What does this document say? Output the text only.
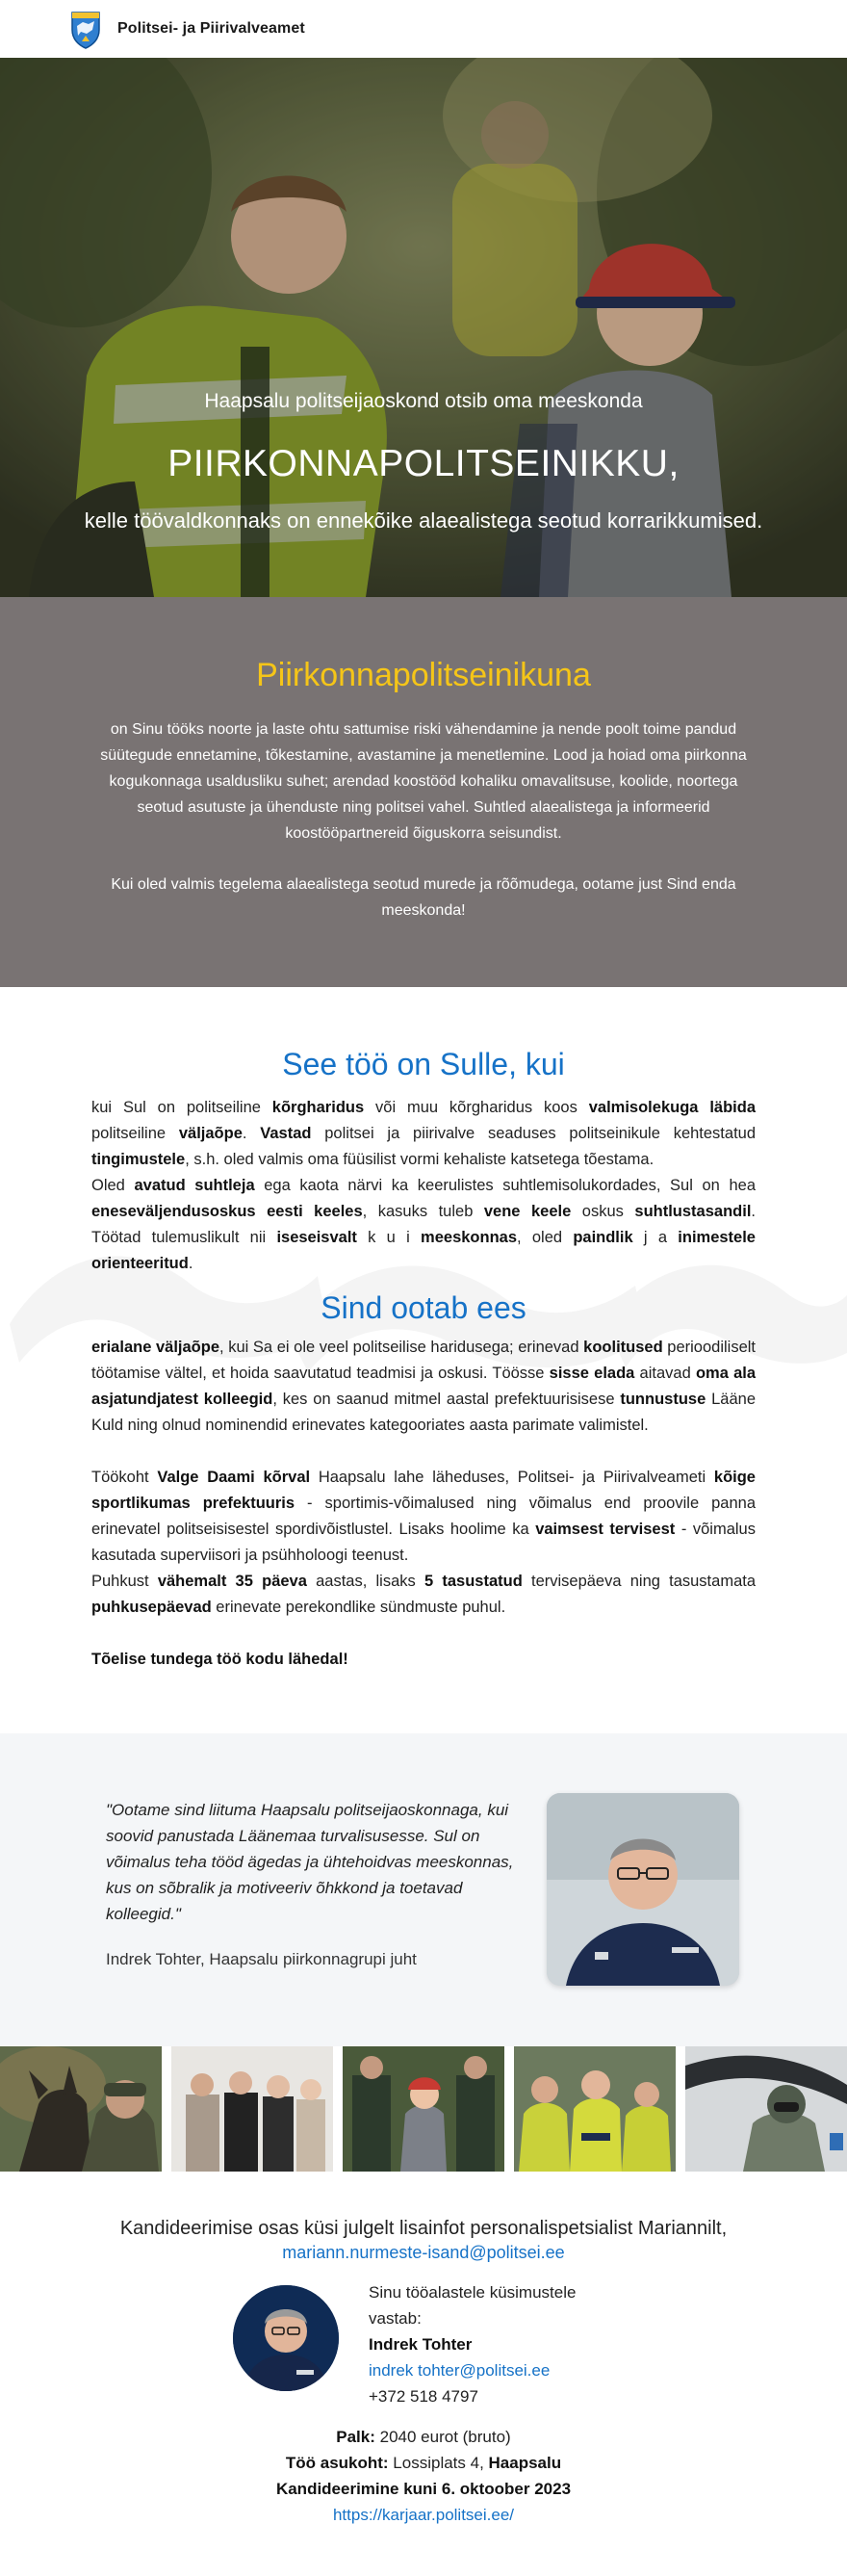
Politsei- ja Piirivalveamet
Haapsalu politseijaoskond otsib oma meeskonda
PIIRKONNAPOLITSEINIKKU,
kelle töövaldkonnaks on ennekõike alaealistega seotud korrarikkumised.
Piirkonnapolitseinikuna
on Sinu tööks noorte ja laste ohtu sattumise riski vähendamine ja nende poolt toime pandud süütegude ennetamine, tõkestamine, avastamine ja menetlemine. Lood ja hoiad oma piirkonna kogukonnaga usaldusliku suhet; arendad koostööd kohaliku omavalitsuse, koolide, noortega seotud asutuste ja ühenduste ning politsei vahel. Suhtled alaealistega ja informeerid koostööpartnereid õiguskorra seisundist.
Kui oled valmis tegelema alaealistega seotud murede ja rõõmudega, ootame just Sind enda meeskonda!
See töö on Sulle, kui
kui Sul on politseiline kõrgharidus või muu kõrgharidus koos valmisolekuga läbida politseiline väljaõpe. Vastad politsei ja piirivalve seaduses politseinikule kehtestatud tingimustele, s.h. oled valmis oma füüsilist vormi kehaliste katsetega tõestama.
Oled avatud suhtleja ega kaota närvi ka keerulistes suhtlemisolukordades, Sul on hea eneseväljendusoskus eesti keeles, kasuks tuleb vene keele oskus suhtlustasandil. Töötad tulemuslikult nii iseseisvalt k u i meeskonnas, oled paindlik j a inimestele orienteeritud.
Sind ootab ees
erialane väljaõpe, kui Sa ei ole veel politseilise haridusega; erinevad koolitused perioodiliselt töötamise vältel, et hoida saavutatud teadmisi ja oskusi. Töösse sisse elada aitavad oma ala asjatundjatest kolleegid, kes on saanud mitmel aastal prefektuurisisese tunnustuse Lääne Kuld ning olnud nominendid erinevates kategooriates aasta parimate valimistel.
Töökoht Valge Daami kõrval Haapsalu lahe läheduses, Politsei- ja Piirivalveameti kõige sportlikumas prefektuuris - sportimis-võimalused ning võimalus end proovile panna erinevatel politseisisestel spordivõistlustel. Lisaks hoolime ka vaimsest tervisest - võimalus kasutada superviisori ja psühholoogi teenust.
Puhkust vähemalt 35 päeva aastas, lisaks 5 tasustatud tervisepäeva ning tasustamata puhkusepäevad erinevate perekondlike sündmuste puhul.
Tõelise tundega töö kodu lähedal!
"Ootame sind liituma Haapsalu politseijaoskonnaga, kui soovid panustada Läänemaa turvalisusesse. Sul on võimalus teha tööd ägedas ja ühtehoidvas meeskonnas, kus on sõbralik ja motiveeriv õhkkond ja toetavad kolleegid."
Indrek Tohter, Haapsalu piirkonnagrupi juht
Kandideerimise osas küsi julgelt lisainfot personalispetsialist Mariannilt,
mariann.nurmeste-isand@politsei.ee
Sinu tööalastele küsimustele vastab:
Indrek Tohter
indrek tohter@politsei.ee
+372 518 4797
Palk: 2040 eurot (bruto)
Töö asukoht: Lossiplats 4, Haapsalu
Kandideerimine kuni 6. oktoober 2023
https://karjaar.politsei.ee/
